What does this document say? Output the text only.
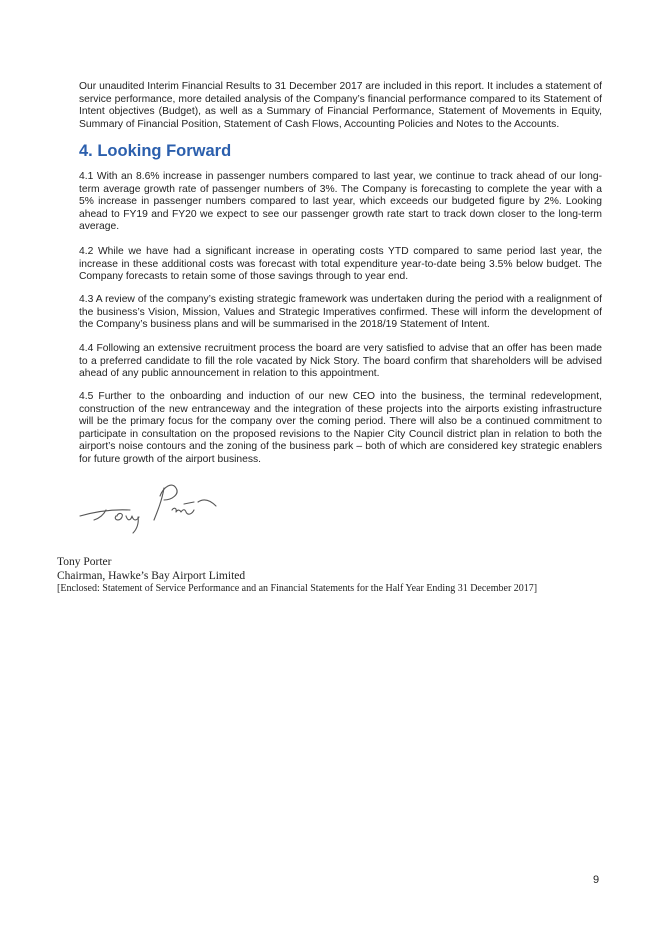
Our unaudited Interim Financial Results to 31 December 2017 are included in this report. It includes a statement of service performance, more detailed analysis of the Company’s financial performance compared to its Statement of Intent objectives (Budget), as well as a Summary of Financial Performance, Statement of Movements in Equity, Summary of Financial Position, Statement of Cash Flows, Accounting Policies and Notes to the Accounts.

4. Looking Forward

4.1 With an 8.6% increase in passenger numbers compared to last year, we continue to track ahead of our long-term average growth rate of passenger numbers of 3%. The Company is forecasting to complete the year with a 5% increase in passenger numbers compared to last year, which exceeds our budgeted figure by 2%. Looking ahead to FY19 and FY20 we expect to see our passenger growth rate start to track down closer to the long-term average.

4.2 While we have had a significant increase in operating costs YTD compared to same period last year, the increase in these additional costs was forecast with total expenditure year-to-date being 3.5% below budget. The Company forecasts to retain some of those savings through to year end.

4.3 A review of the company’s existing strategic framework was undertaken during the period with a realignment of the business’s Vision, Mission, Values and Strategic Imperatives confirmed. These will inform the development of the Company’s business plans and will be summarised in the 2018/19 Statement of Intent.

4.4 Following an extensive recruitment process the board are very satisfied to advise that an offer has been made to a preferred candidate to fill the role vacated by Nick Story. The board confirm that shareholders will be advised ahead of any public announcement in relation to this appointment.

4.5 Further to the onboarding and induction of our new CEO into the business, the terminal redevelopment, construction of the new entranceway and the integration of these projects into the airports existing infrastructure will be the primary focus for the company over the coming period. There will also be a continued commitment to participate in consultation on the proposed revisions to the Napier City Council district plan in relation to both the airport’s noise contours and the zoning of the business park – both of which are considered key strategic enablers for future growth of the airport business.

Tony Porter

Chairman, Hawke’s Bay Airport Limited

[Enclosed: Statement of Service Performance and an Financial Statements for the Half Year Ending 31 December 2017]

9
